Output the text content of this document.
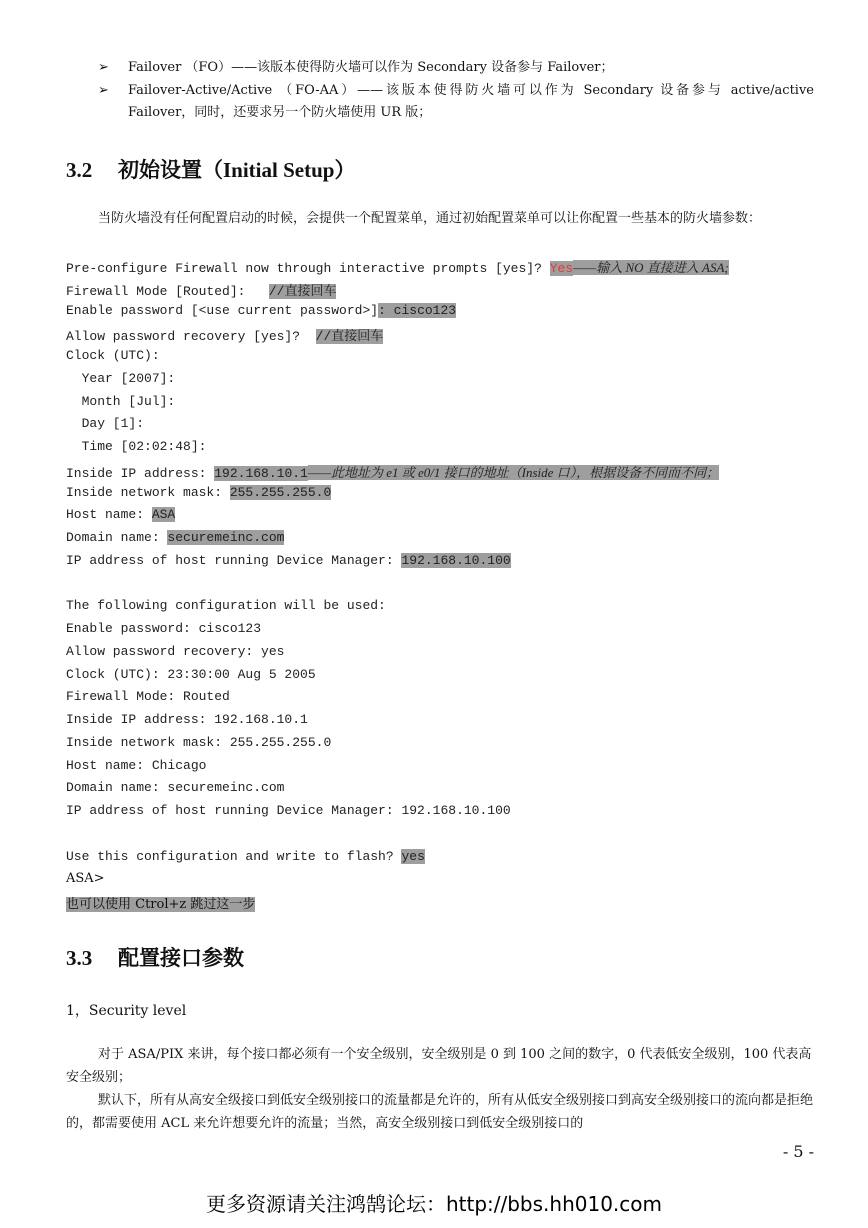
➢ Failover （FO）——该版本使得防火墙可以作为 Secondary 设备参与 Failover；
➢ Failover-Active/Active （FO-AA）——该版本使得防火墙可以作为 Secondary 设备参与 active/active
Failover，同时，还要求另一个防火墙使用 UR 版；
3.2 初始设置（Initial Setup）
当防火墙没有任何配置启动的时候，会提供一个配置菜单，通过初始配置菜单可以让你配置一些基本的防火墙参数：
Pre-configure Firewall now through interactive prompts [yes]? Yes——输入 NO 直接进入 ASA;
Firewall Mode [Routed]:   //直接回车
Enable password [<use current password>]: cisco123
Allow password recovery [yes]?  //直接回车
Clock (UTC):
Year [2007]:
Month [Jul]:
Day [1]:
Time [02:02:48]:
Inside IP address: 192.168.10.1——此地址为 e1 或 e0/1 接口的地址（Inside 口），根据设备不同而不同；
Inside network mask: 255.255.255.0
Host name: ASA
Domain name: securemeinc.com
IP address of host running Device Manager: 192.168.10.100
The following configuration will be used:
Enable password: cisco123
Allow password recovery: yes
Clock (UTC): 23:30:00 Aug 5 2005
Firewall Mode: Routed
Inside IP address: 192.168.10.1
Inside network mask: 255.255.255.0
Host name: Chicago
Domain name: securemeinc.com
IP address of host running Device Manager: 192.168.10.100
Use this configuration and write to flash? yes
ASA>
也可以使用 Ctrol+z 跳过这一步
3.3 配置接口参数
1，Security level
对于 ASA/PIX 来讲，每个接口都必须有一个安全级别，安全级别是 0 到 100 之间的数字，0 代表低安全级别，100 代表高安全级别；
默认下，所有从高安全级接口到低安全级别接口的流量都是允许的，所有从低安全级别接口到高安全级别接口的流向都是拒绝的，都需要使用 ACL 来允许想要允许的流量；当然，高安全级别接口到低安全级别接口的
- 5 -
更多资源请关注鸿鹄论坛：http://bbs.hh010.com
